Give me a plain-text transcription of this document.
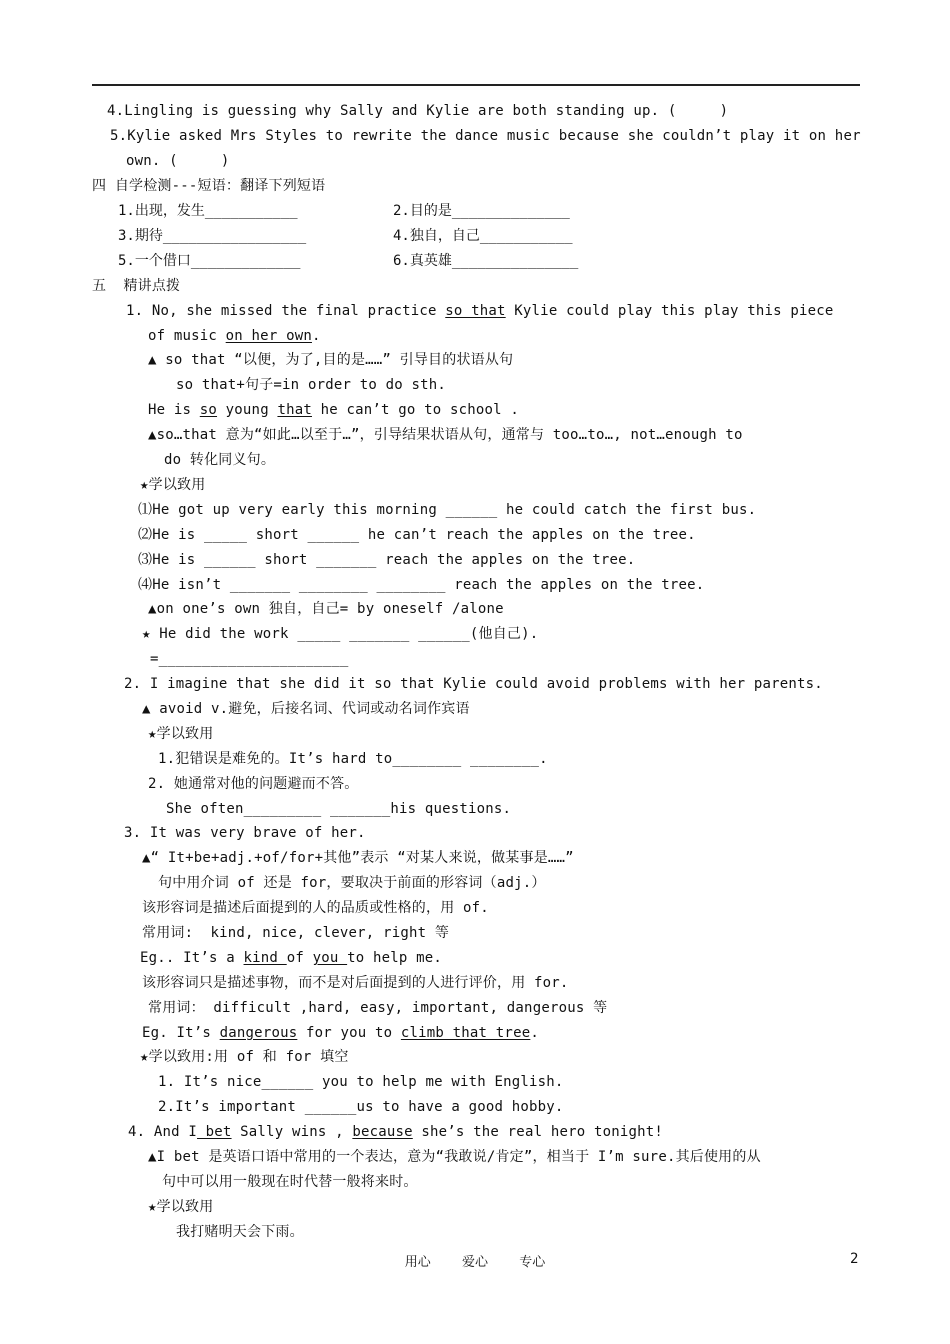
4.Lingling is guessing why Sally and Kylie are both standing up. (     )
5.Kylie asked Mrs Styles to rewrite the dance music because she couldn’t play it on her
own. (     )
四 自学检测---短语：翻译下列短语
1.出现，发生___________	2.目的是______________
3.期待_________________	4.独自，自己___________
5.一个借口_____________	6.真英雄_______________
五  精讲点拨
1. No, she missed the final practice so that Kylie could play this play this piece
of music on her own.
▲ so that “以便，为了,目的是……” 引导目的状语从句
so that+句子=in order to do sth.
He is so young that he can’t go to school .
▲so…that 意为“如此…以至于…”，引导结果状语从句，通常与 too…to…, not…enough to
do 转化同义句。
★学以致用
⑴He got up very early this morning ______ he could catch the first bus.
⑵He is _____ short ______ he can’t reach the apples on the tree.
⑶He is ______ short _______ reach the apples on the tree.
⑷He isn’t _______ ________ ________ reach the apples on the tree.
▲on one’s own 独自，自己= by oneself /alone
★ He did the work _____ _______ ______(他自己).
=______________________
2. I imagine that she did it so that Kylie could avoid problems with her parents.
▲ avoid v.避免，后接名词、代词或动名词作宾语
★学以致用
1.犯错误是难免的。It’s hard to________ ________.
2. 她通常对他的问题避而不答。
She often_________ _______his questions.
3. It was very brave of her.
▲“ It+be+adj.+of/for+其他”表示 “对某人来说，做某事是……”
句中用介词 of 还是 for，要取决于前面的形容词（adj.）
该形容词是描述后面提到的人的品质或性格的，用 of.
常用词:  kind, nice, clever, right 等
Eg.. It’s a kind of you to help me.
该形容词只是描述事物，而不是对后面提到的人进行评价，用 for.
常用词： difficult ,hard, easy, important, dangerous 等
Eg. It’s dangerous for you to climb that tree.
★学以致用:用 of 和 for 填空
1. It’s nice______ you to help me with English.
2.It’s important ______us to have a good hobby.
4. And I bet Sally wins , because she’s the real hero tonight!
▲I bet 是英语口语中常用的一个表达，意为“我敢说/肯定”，相当于 I’m sure.其后使用的从
句中可以用一般现在时代替一般将来时。
★学以致用
我打赌明天会下雨。
用心    爱心    专心	2
